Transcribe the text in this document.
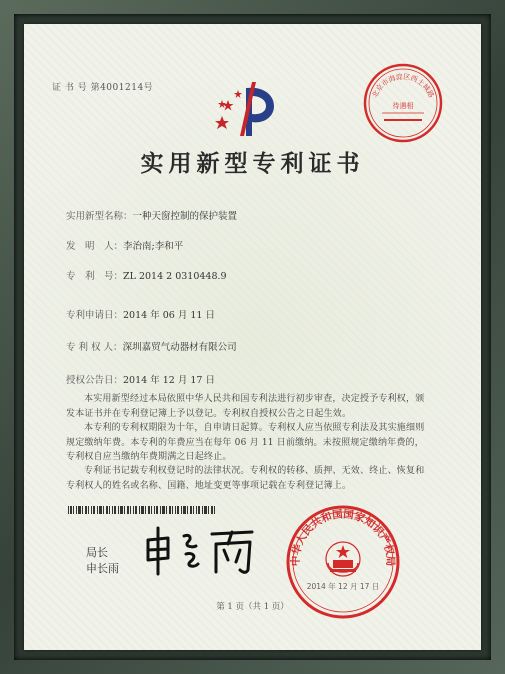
证 书 号 第4001214号
北京市海淀区西土城路
待遇相
实用新型专利证书
实用新型名称：一种天窗控制的保护装置
发　明　人：李治南;李和平
专　利　号：ZL 2014 2 0310448.9
专利申请日：2014 年 06 月 11 日
专 利 权 人：深圳嘉贸气动器材有限公司
授权公告日：2014 年 12 月 17 日
本实用新型经过本局依照中华人民共和国专利法进行初步审查，决定授予专利权，颁发本证书并在专利登记簿上予以登记。专利权自授权公告之日起生效。
本专利的专利权期限为十年，自申请日起算。专利权人应当依照专利法及其实施细则规定缴纳年费。本专利的年费应当在每年 06 月 11 日前缴纳。未按照规定缴纳年费的，专利权自应当缴纳年费期满之日起终止。
专利证书记载专利权登记时的法律状况。专利权的转移、质押、无效、终止、恢复和专利权人的姓名或名称、国籍、地址变更等事项记载在专利登记簿上。
局长
申长雨
中华人民共和国国家知识产权局
2014 年 12 月 17 日
第 1 页（共 1 页）
